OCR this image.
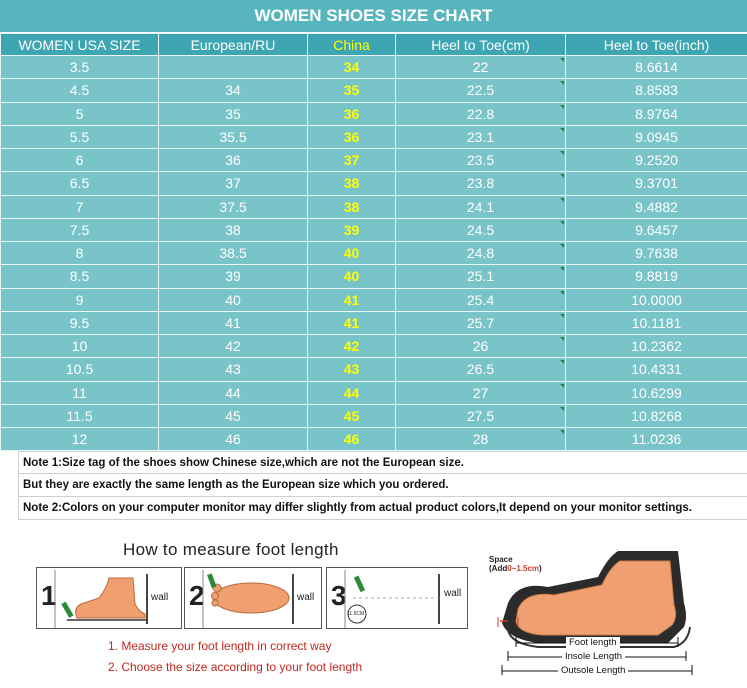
WOMEN SHOES SIZE CHART
WOMEN USA SIZE	European/RU	China	Heel to Toe(cm)	Heel to Toe(inch)
3.5		34	22	8.6614
4.5	34	35	22.5	8.8583
5	35	36	22.8	8.9764
5.5	35.5	36	23.1	9.0945
6	36	37	23.5	9.2520
6.5	37	38	23.8	9.3701
7	37.5	38	24.1	9.4882
7.5	38	39	24.5	9.6457
8	38.5	40	24.8	9.7638
8.5	39	40	25.1	9.8819
9	40	41	25.4	10.0000
9.5	41	41	25.7	10.1181
10	42	42	26	10.2362
10.5	43	43	26.5	10.4331
11	44	44	27	10.6299
11.5	45	45	27.5	10.8268
12	46	46	28	11.0236
Note 1:Size tag of the shoes show Chinese size,which are not the European size.
But they are exactly the same length as the European size which you ordered.
Note 2:Colors on your computer monitor may differ slightly from actual product colors,It depend on your monitor settings.
How to measure foot length
1	wall 2	wall 3
11.5CM
wall
1. Measure your foot length in correct way
2. Choose the size according to your foot length
Space
(Add0~1.5cm)
Foot length
Insole Length
Outsole Length
